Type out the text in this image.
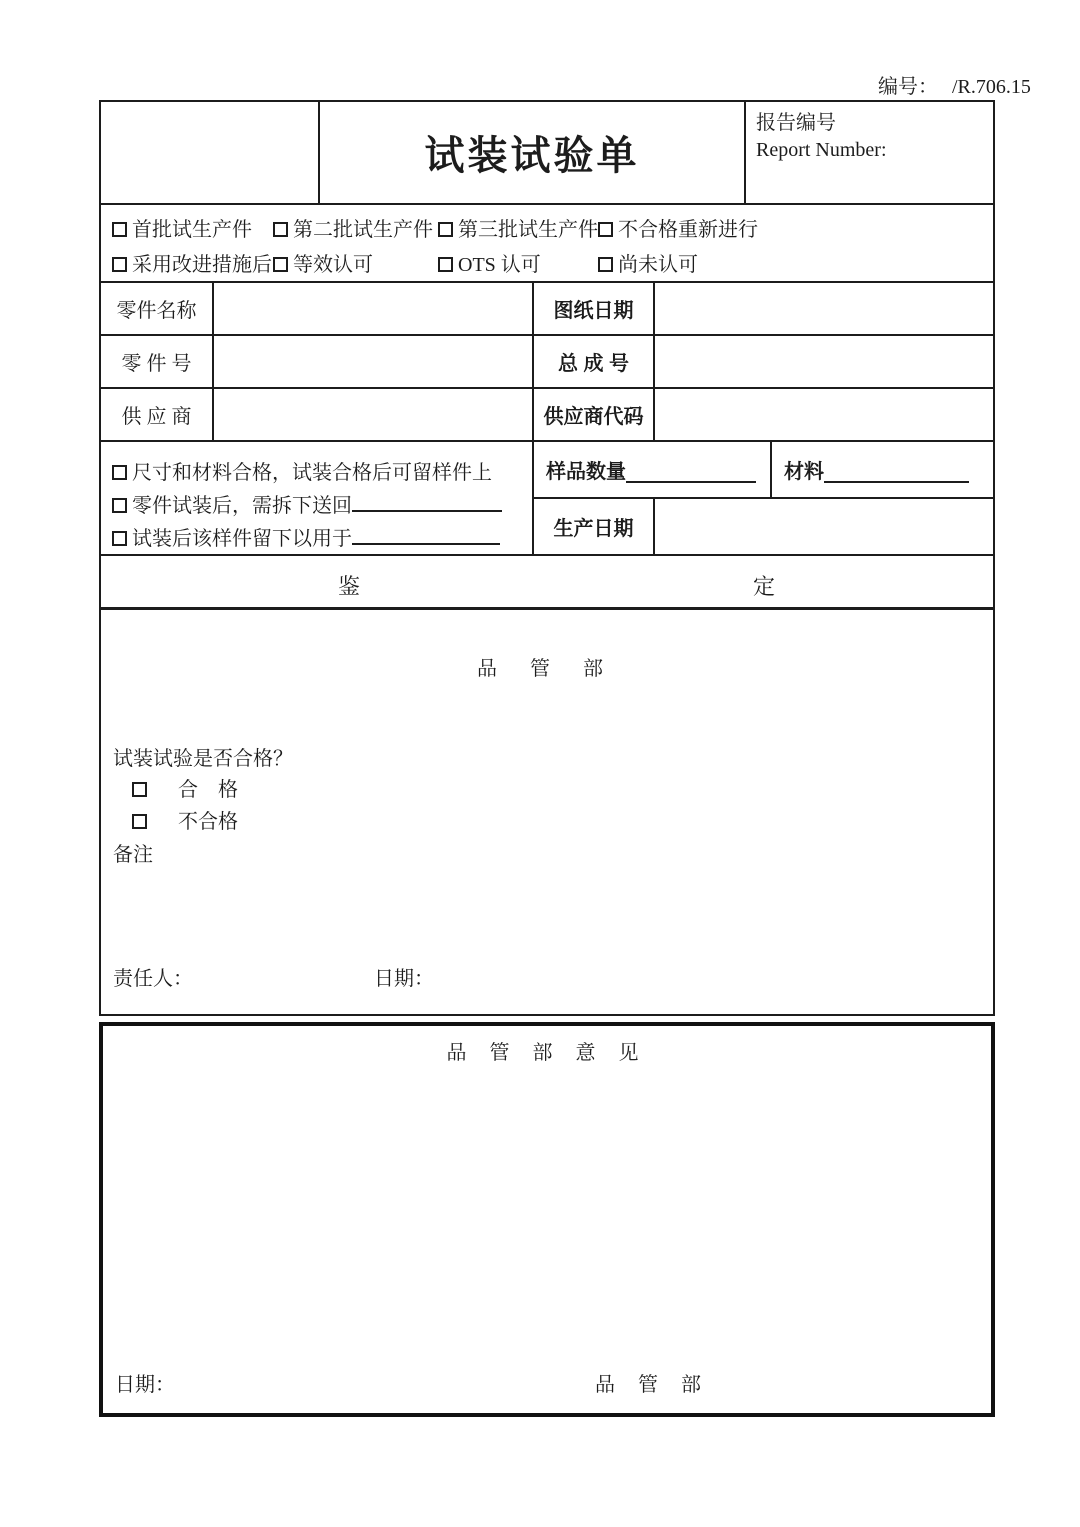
编号： /R.706.15
试装试验单
报告编号
Report Number:
首批试生产件	第二批试生产件	第三批试生产件	不合格重新进行
采用改进措施后	等效认可	OTS 认可	尚未认可
零件名称	图纸日期
零 件 号	总 成 号
供 应 商	供应商代码
尺寸和材料合格，试装合格后可留样件上
零件试装后，需拆下送回
试装后该样件留下以用于
样品数量	材料
生产日期
鉴	定
品 管 部
试装试验是否合格？
合　格
不合格
备注
责任人：	日期：
品 管 部 意 见
日期：	品 管 部
